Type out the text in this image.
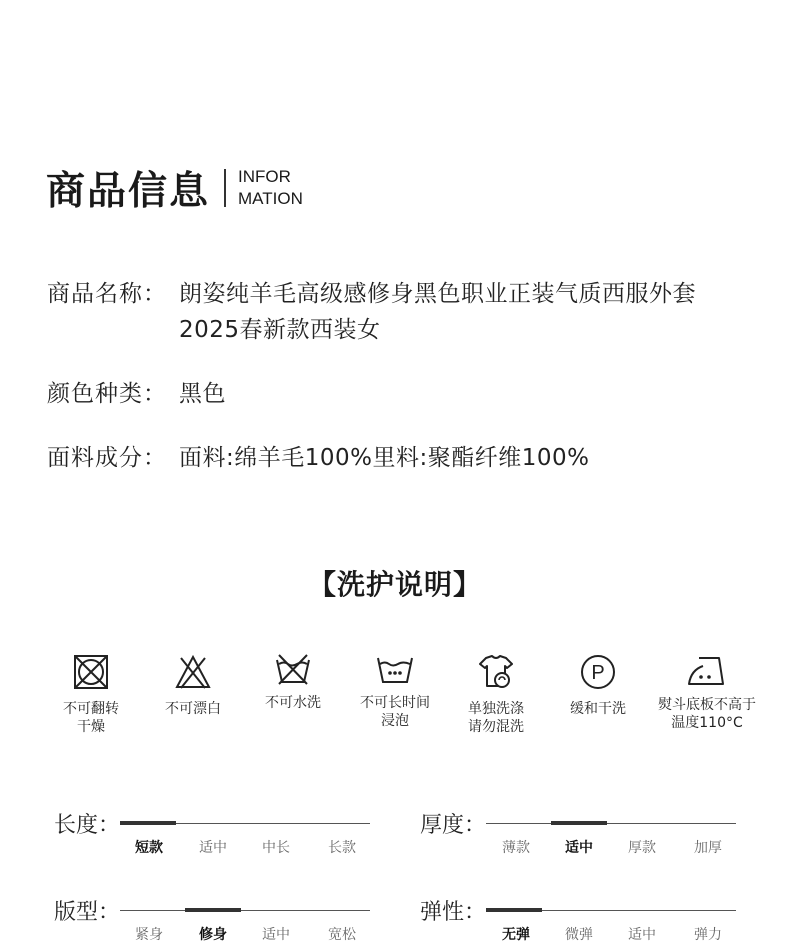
商品信息 INFOR
MATION
商品名称： 朗姿纯羊毛高级感修身黑色职业正装气质西服外套2025春新款西装女
颜色种类： 黑色
面料成分： 面料:绵羊毛100%里料:聚酯纤维100%
【洗护说明】
不可翻转
干燥
不可漂白	不可水洗	不可长时间
浸泡
单独洗涤
请勿混洗
P
缓和干洗	熨斗底板不高于
温度110°C
长度：
短款	适中	中长	长款
厚度：
薄款	适中	厚款	加厚
版型：
紧身	修身	适中	宽松
弹性：
无弹	微弹	适中	弹力
